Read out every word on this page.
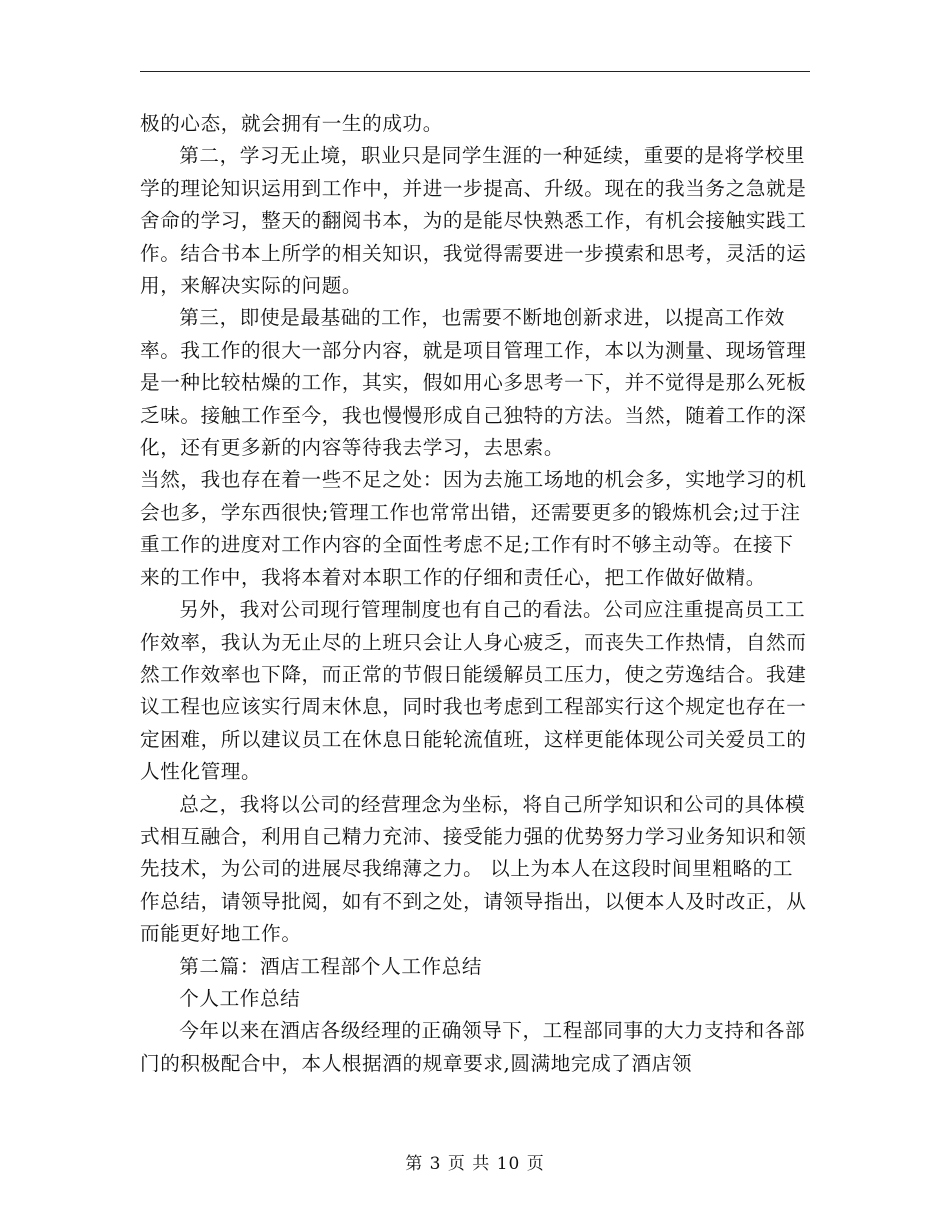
极的心态，就会拥有一生的成功。

第二，学习无止境，职业只是同学生涯的一种延续，重要的是将学校里学的理论知识运用到工作中，并进一步提高、升级。现在的我当务之急就是舍命的学习，整天的翻阅书本，为的是能尽快熟悉工作，有机会接触实践工作。结合书本上所学的相关知识，我觉得需要进一步摸索和思考，灵活的运用，来解决实际的问题。

第三，即使是最基础的工作，也需要不断地创新求进，以提高工作效率。我工作的很大一部分内容，就是项目管理工作，本以为测量、现场管理是一种比较枯燥的工作，其实，假如用心多思考一下，并不觉得是那么死板乏味。接触工作至今，我也慢慢形成自己独特的方法。当然，随着工作的深化，还有更多新的内容等待我去学习，去思索。

当然，我也存在着一些不足之处：因为去施工场地的机会多，实地学习的机会也多，学东西很快;管理工作也常常出错，还需要更多的锻炼机会;过于注重工作的进度对工作内容的全面性考虑不足;工作有时不够主动等。在接下来的工作中，我将本着对本职工作的仔细和责任心，把工作做好做精。

另外，我对公司现行管理制度也有自己的看法。公司应注重提高员工工作效率，我认为无止尽的上班只会让人身心疲乏，而丧失工作热情，自然而然工作效率也下降，而正常的节假日能缓解员工压力，使之劳逸结合。我建议工程也应该实行周末休息，同时我也考虑到工程部实行这个规定也存在一定困难，所以建议员工在休息日能轮流值班，这样更能体现公司关爱员工的人性化管理。

总之，我将以公司的经营理念为坐标，将自己所学知识和公司的具体模式相互融合，利用自己精力充沛、接受能力强的优势努力学习业务知识和领先技术，为公司的进展尽我绵薄之力。 以上为本人在这段时间里粗略的工作总结，请领导批阅，如有不到之处，请领导指出，以便本人及时改正，从而能更好地工作。

第二篇：酒店工程部个人工作总结

个人工作总结

今年以来在酒店各级经理的正确领导下，工程部同事的大力支持和各部门的积极配合中，本人根据酒的规章要求,圆满地完成了酒店领

第 3 页 共 10 页
